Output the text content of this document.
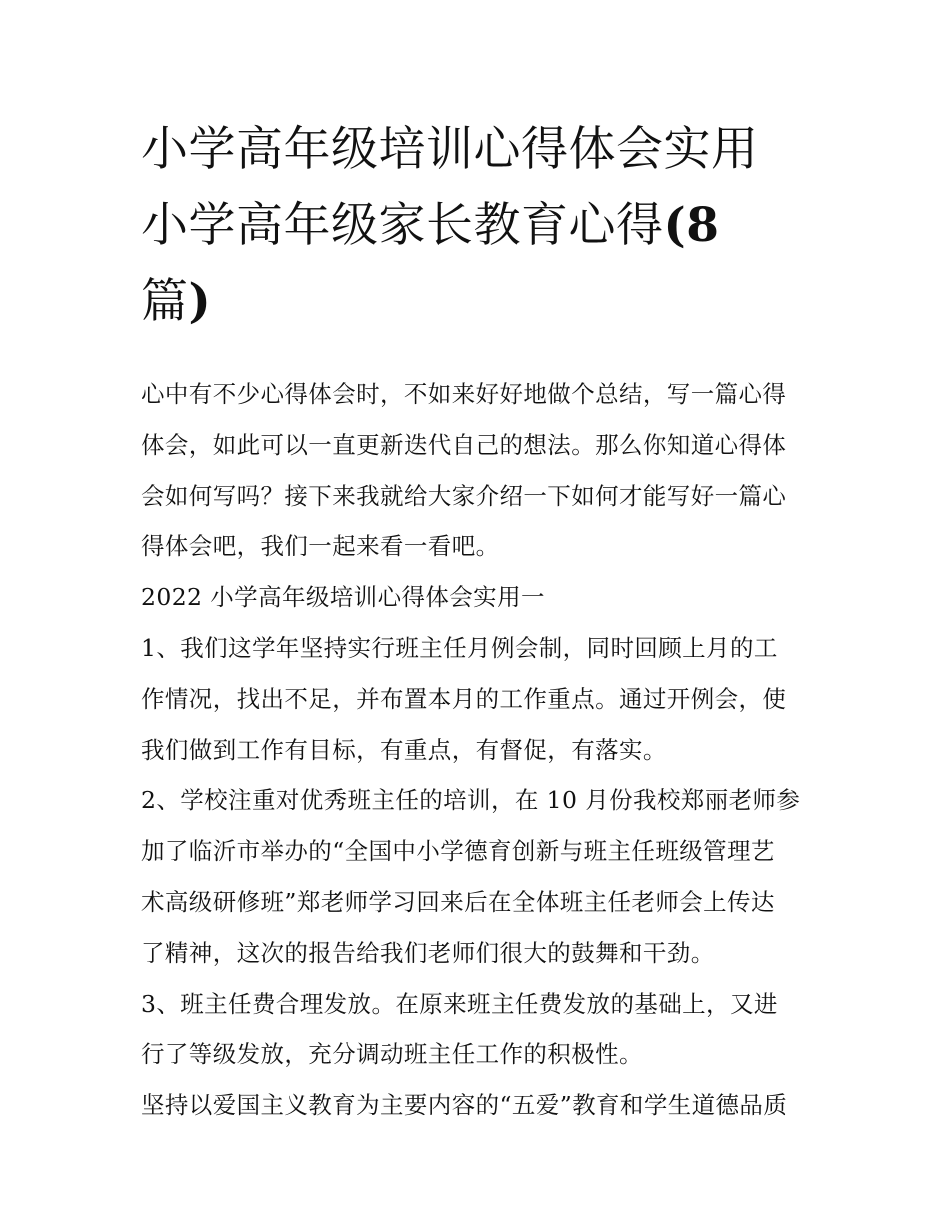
小学高年级培训心得体会实用
小学高年级家长教育心得(8
篇)

心中有不少心得体会时，不如来好好地做个总结，写一篇心得
体会，如此可以一直更新迭代自己的想法。那么你知道心得体
会如何写吗？接下来我就给大家介绍一下如何才能写好一篇心
得体会吧，我们一起来看一看吧。

2022 小学高年级培训心得体会实用一

1、我们这学年坚持实行班主任月例会制，同时回顾上月的工
作情况，找出不足，并布置本月的工作重点。通过开例会，使
我们做到工作有目标，有重点，有督促，有落实。

2、学校注重对优秀班主任的培训，在 10 月份我校郑丽老师参
加了临沂市举办的“全国中小学德育创新与班主任班级管理艺
术高级研修班”郑老师学习回来后在全体班主任老师会上传达
了精神，这次的报告给我们老师们很大的鼓舞和干劲。

3、班主任费合理发放。在原来班主任费发放的基础上，又进
行了等级发放，充分调动班主任工作的积极性。

坚持以爱国主义教育为主要内容的“五爱”教育和学生道德品质
